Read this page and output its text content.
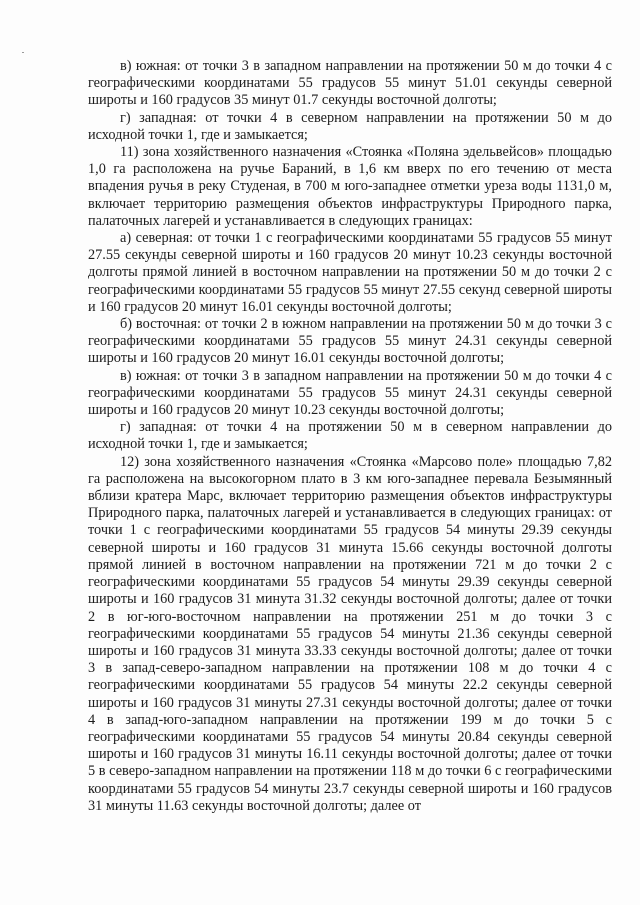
в) южная: от точки 3 в западном направлении на протяжении 50 м до точки 4 с географическими координатами 55 градусов 55 минут 51.01 секунды северной широты и 160 градусов 35 минут 01.7 секунды восточной долготы;

г) западная: от точки 4 в северном направлении на протяжении 50 м до исходной точки 1, где и замыкается;

11) зона хозяйственного назначения «Стоянка «Поляна эдельвейсов» площадью 1,0 га расположена на ручье Бараний, в 1,6 км вверх по его течению от места впадения ручья в реку Студеная, в 700 м юго-западнее отметки уреза воды 1131,0 м, включает территорию размещения объектов инфраструктуры Природного парка, палаточных лагерей и устанавливается в следующих границах:

а) северная: от точки 1 с географическими координатами 55 градусов 55 минут 27.55 секунды северной широты и 160 градусов 20 минут 10.23 секунды восточной долготы прямой линией в восточном направлении на протяжении 50 м до точки 2 с географическими координатами 55 градусов 55 минут 27.55 секунд северной широты и 160 градусов 20 минут 16.01 секунды восточной долготы;

б) восточная: от точки 2 в южном направлении на протяжении 50 м до точки 3 с географическими координатами 55 градусов 55 минут 24.31 секунды северной широты и 160 градусов 20 минут 16.01 секунды восточной долготы;

в) южная: от точки 3 в западном направлении на протяжении 50 м до точки 4 с географическими координатами 55 градусов 55 минут 24.31 секунды северной широты и 160 градусов 20 минут 10.23 секунды восточной долготы;

г) западная: от точки 4 на протяжении 50 м в северном направлении до исходной точки 1, где и замыкается;

12) зона хозяйственного назначения «Стоянка «Марсово поле» площадью 7,82 га расположена на высокогорном плато в 3 км юго-западнее перевала Безымянный вблизи кратера Марс, включает территорию размещения объектов инфраструктуры Природного парка, палаточных лагерей и устанавливается в следующих границах: от точки 1 с географическими координатами 55 градусов 54 минуты 29.39 секунды северной широты и 160 градусов 31 минута 15.66 секунды восточной долготы прямой линией в восточном направлении на протяжении 721 м до точки 2 с географическими координатами 55 градусов 54 минуты 29.39 секунды северной широты и 160 градусов 31 минута 31.32 секунды восточной долготы; далее от точки 2 в юг-юго-восточном направлении на протяжении 251 м до точки 3 с географическими координатами 55 градусов 54 минуты 21.36 секунды северной широты и 160 градусов 31 минута 33.33 секунды восточной долготы; далее от точки 3 в запад-северо-западном направлении на протяжении 108 м до точки 4 с географическими координатами 55 градусов 54 минуты 22.2 секунды северной широты и 160 градусов 31 минуты 27.31 секунды восточной долготы; далее от точки 4 в запад-юго-западном направлении на протяжении 199 м до точки 5 с географическими координатами 55 градусов 54 минуты 20.84 секунды северной широты и 160 градусов 31 минуты 16.11 секунды восточной долготы; далее от точки 5 в северо-западном направлении на протяжении 118 м до точки 6 с географическими координатами 55 градусов 54 минуты 23.7 секунды северной широты и 160 градусов 31 минуты 11.63 секунды восточной долготы; далее от
